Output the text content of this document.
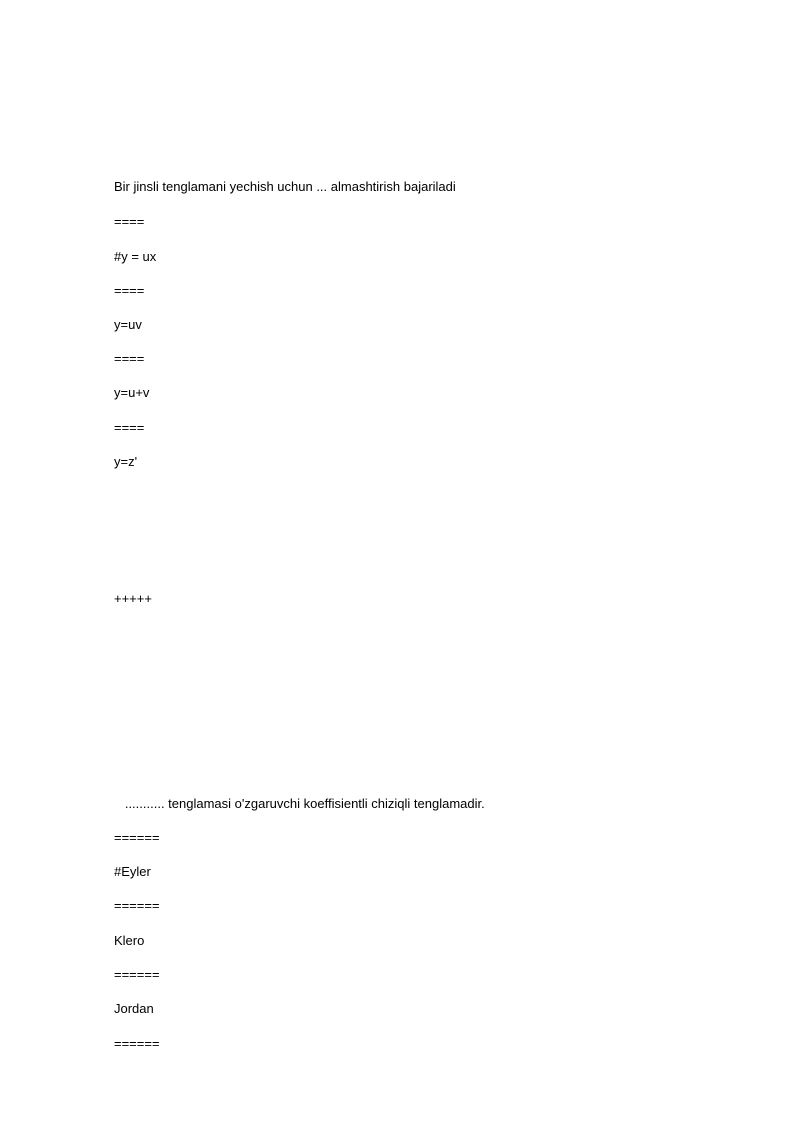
Bir jinsli tenglamani yechish uchun ... almashtirish bajariladi
====
#y = ux
====
y=uv
====
y=u+v
====
y=z'
+++++
........... tenglamasi o'zgaruvchi koeffisientli chiziqli tenglamadir.
======
#Eyler
======
Klero
======
Jordan
======
